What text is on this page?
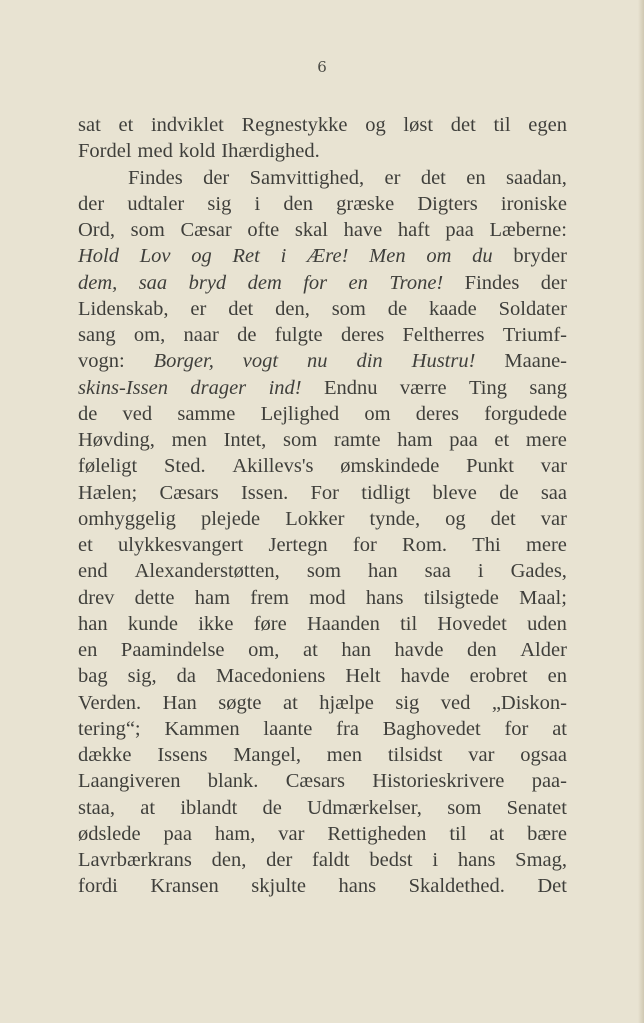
6
sat et indviklet Regnestykke og løst det til egen
Fordel med kold Ihærdighed.
Findes der Samvittighed, er det en saadan,
der udtaler sig i den græske Digters ironiske
Ord, som Cæsar ofte skal have haft paa Læberne:
Hold Lov og Ret i Ære! Men om du bryder
dem, saa bryd dem for en Trone! Findes der
Lidenskab, er det den, som de kaade Soldater
sang om, naar de fulgte deres Feltherres Triumf-
vogn: Borger, vogt nu din Hustru! Maane-
skins-Issen drager ind! Endnu værre Ting sang
de ved samme Lejlighed om deres forgudede
Høvding, men Intet, som ramte ham paa et mere
føleligt Sted. Akillevs's ømskindede Punkt var
Hælen; Cæsars Issen. For tidligt bleve de saa
omhyggelig plejede Lokker tynde, og det var
et ulykkesvangert Jertegn for Rom. Thi mere
end Alexanderstøtten, som han saa i Gades,
drev dette ham frem mod hans tilsigtede Maal;
han kunde ikke føre Haanden til Hovedet uden
en Paamindelse om, at han havde den Alder
bag sig, da Macedoniens Helt havde erobret en
Verden. Han søgte at hjælpe sig ved „Diskon-
tering“; Kammen laante fra Baghovedet for at
dække Issens Mangel, men tilsidst var ogsaa
Laangiveren blank. Cæsars Historieskrivere paa-
staa, at iblandt de Udmærkelser, som Senatet
ødslede paa ham, var Rettigheden til at bære
Lavrbærkrans den, der faldt bedst i hans Smag,
fordi Kransen skjulte hans Skaldethed. Det
